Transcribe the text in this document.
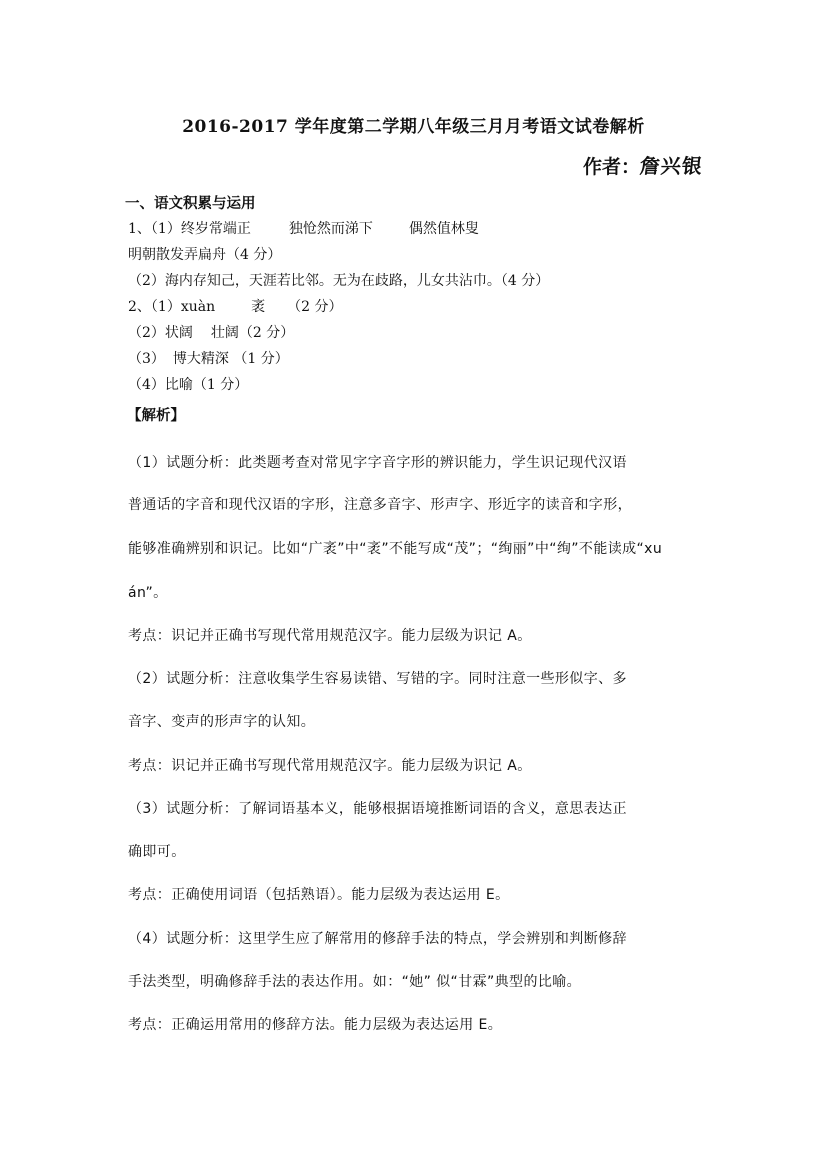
2016-2017 学年度第二学期八年级三月月考语文试卷解析
作者：詹兴银
一、语文积累与运用
1、（1）终岁常端正	独怆然而涕下	偶然值林叟
明朝散发弄扁舟（4 分）
（2）海内存知己，天涯若比邻。无为在歧路，儿女共沾巾。（4 分）
2、（1）xuàn	袤 （2 分）
（2）状阔 壮阔（2 分）
（3） 博大精深 （1 分）
（4）比喻（1 分）
【解析】
（1）试题分析：此类题考查对常见字字音字形的辨识能力，学生识记现代汉语
普通话的字音和现代汉语的字形，注意多音字、形声字、形近字的读音和字形，
能够准确辨别和识记。比如“广袤”中“袤”不能写成“茂”；“绚丽”中“绚”不能读成“xu
án”。
考点：识记并正确书写现代常用规范汉字。能力层级为识记 A。
（2）试题分析：注意收集学生容易读错、写错的字。同时注意一些形似字、多
音字、变声的形声字的认知。
考点：识记并正确书写现代常用规范汉字。能力层级为识记 A。
（3）试题分析：了解词语基本义，能够根据语境推断词语的含义，意思表达正
确即可。
考点：正确使用词语（包括熟语）。能力层级为表达运用 E。
（4）试题分析：这里学生应了解常用的修辞手法的特点，学会辨别和判断修辞
手法类型，明确修辞手法的表达作用。如：“她” 似“甘霖”典型的比喻。
考点：正确运用常用的修辞方法。能力层级为表达运用 E。
